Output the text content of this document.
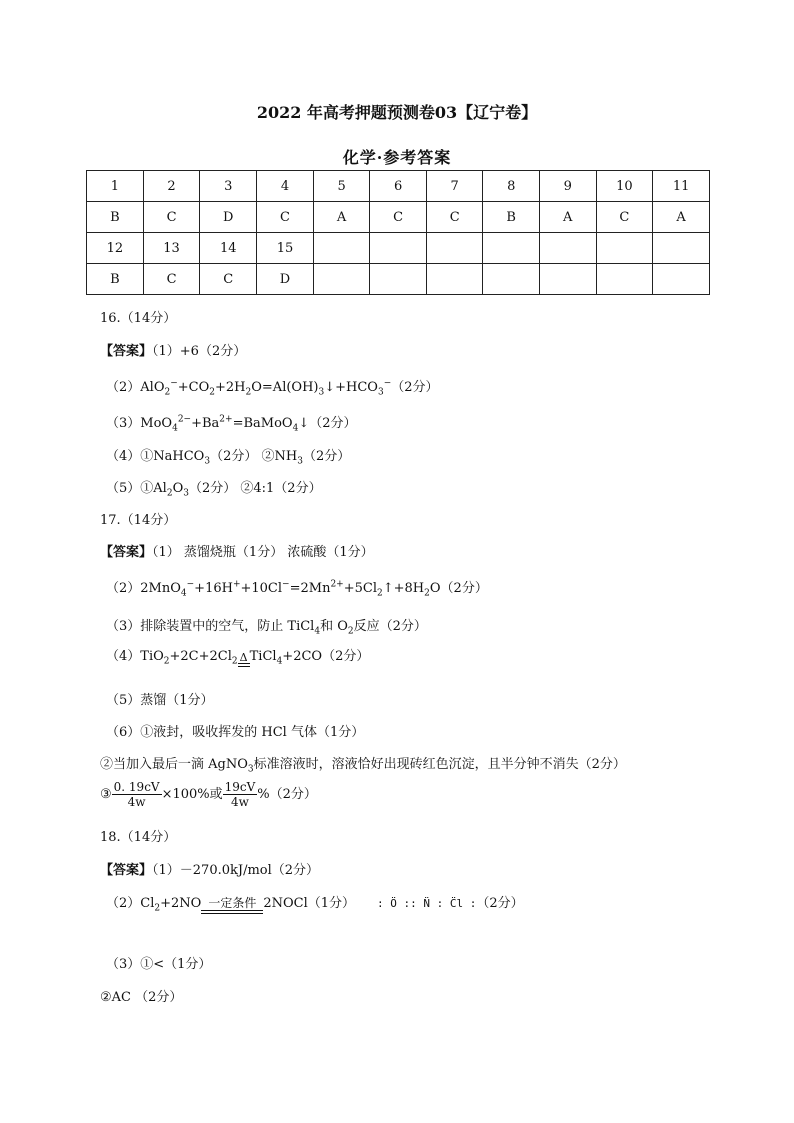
2022 年高考押题预测卷03【辽宁卷】
化学·参考答案
1	2	3	4	5	6	7	8	9	10	11
B	C	D	C	A	C	C	B	A	C	A
12	13	14	15							
B	C	C	D							
16.（14分）
【答案】（1）+6（2分）
$(2)AlO_2^-+CO_2+2H_2O=Al(OH)_3↓+HCO_3^-(2$分）
$(3)MoO_4^{2-}+Ba^{2+}=BaMoO_4↓(2$分）
（4）①NaHCO$_3$（2分） $②NH_3(2$分）
$(5)①Al_2O_3(2$分） ②4:1（2分）
17.（14分）
【答案】（1） 蒸馏烧瓶（1分） 浓硫酸（1分）
$(2)2MnO_4^-+16H^++10Cl^-=2Mn^{2+}+5Cl_2↑+8H_2O(2$分）
（3）排除装置中的空气，防止 TiCl$_4$和 $O_2$反应（2分）
$(4)TiO_2+2C+2Cl_2$ Δ TiCl$_4$+2CO（2分）
（5）蒸馏（1分）
（6）①液封，吸收挥发的 HCl 气体（1分）
②当加入最后一滴 AgNO$_3$标准溶液时，溶液恰好出现砖红色沉淀，且半分钟不消失（2分）
③ $\frac{0. 19cV}{4w} \times 100\%$或 $\frac{19cV}{4w} \%(2$分）
18.（14分）
【答案】（1）－270.0kJ/mol（2分）
$(2)Cl_2+2NO$ 一定条件 2NOCl（1分） : Ö :: N̈ : C̈l :（2分）
（3）①<（1分）
②AC （2分）
